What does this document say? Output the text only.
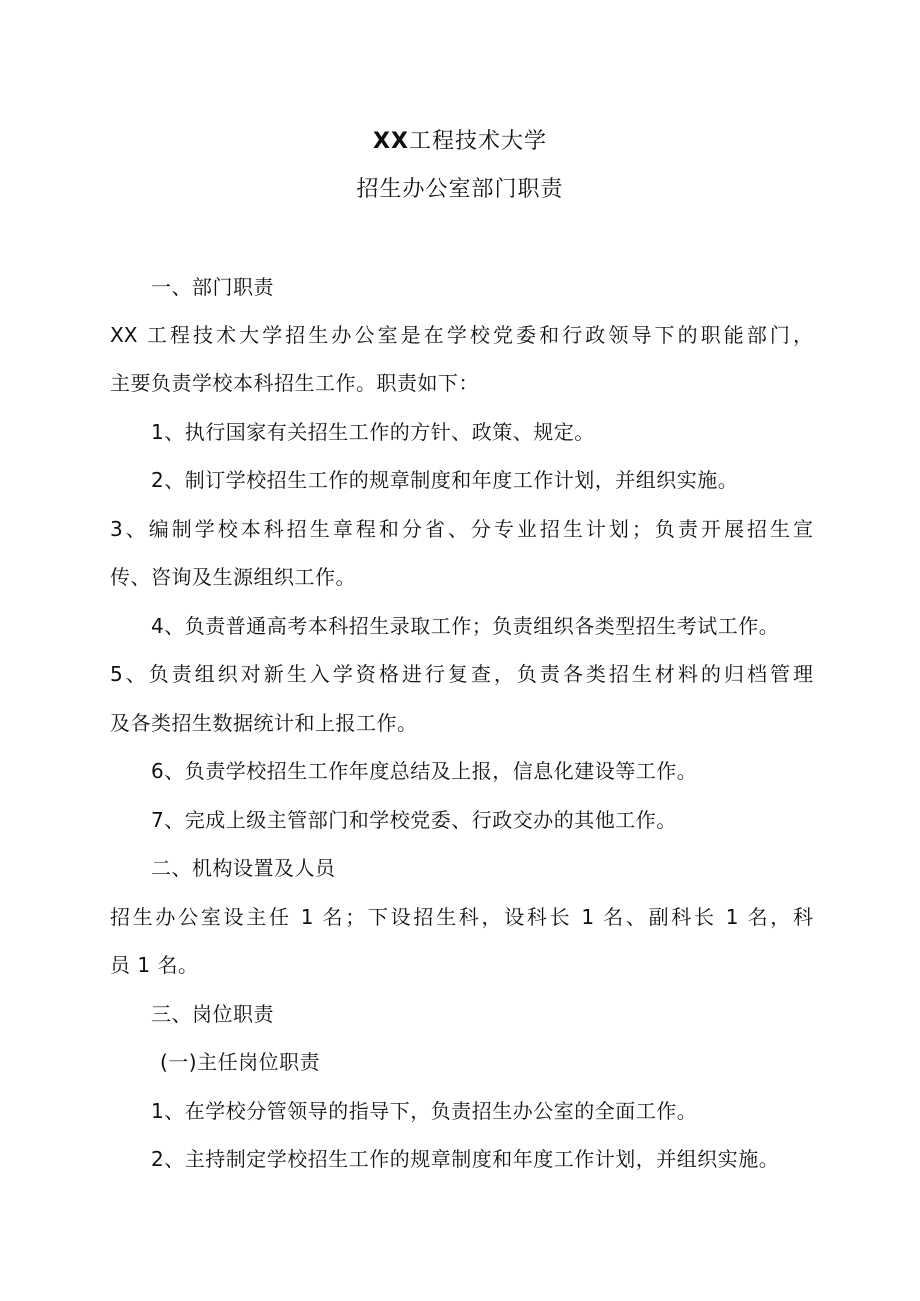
XX工程技术大学
招生办公室部门职责
一、部门职责
XX 工程技术大学招生办公室是在学校党委和行政领导下的职能部门，
主要负责学校本科招生工作。职责如下：
1、执行国家有关招生工作的方针、政策、规定。
2、制订学校招生工作的规章制度和年度工作计划，并组织实施。
3、编制学校本科招生章程和分省、分专业招生计划；负责开展招生宣
传、咨询及生源组织工作。
4、负责普通高考本科招生录取工作；负责组织各类型招生考试工作。
5、负责组织对新生入学资格进行复查，负责各类招生材料的归档管理
及各类招生数据统计和上报工作。
6、负责学校招生工作年度总结及上报，信息化建设等工作。
7、完成上级主管部门和学校党委、行政交办的其他工作。
二、机构设置及人员
招生办公室设主任 1 名；下设招生科，设科长 1 名、副科长 1 名，科
员 1 名。
三、岗位职责
(一)主任岗位职责
1、在学校分管领导的指导下，负责招生办公室的全面工作。
2、主持制定学校招生工作的规章制度和年度工作计划，并组织实施。
